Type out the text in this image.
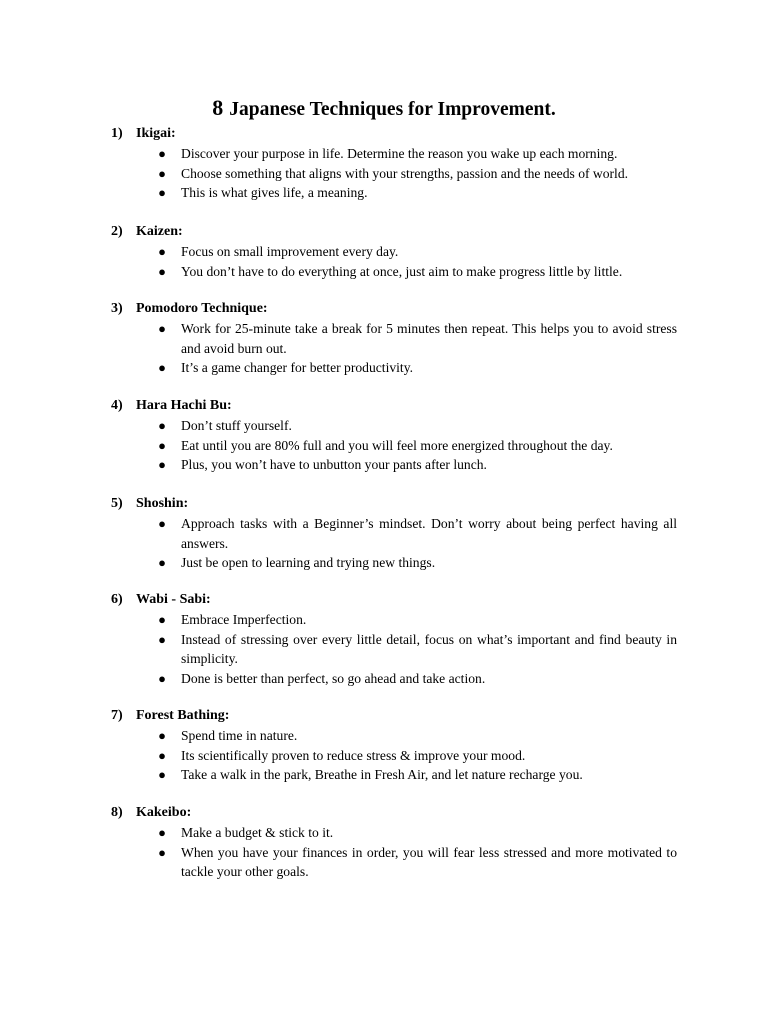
8 Japanese Techniques for Improvement.
1) Ikigai:
● Discover your purpose in life. Determine the reason you wake up each morning.
● Choose something that aligns with your strengths, passion and the needs of world.
● This is what gives life, a meaning.
2) Kaizen:
● Focus on small improvement every day.
● You don’t have to do everything at once, just aim to make progress little by little.
3) Pomodoro Technique:
● Work for 25-minute take a break for 5 minutes then repeat. This helps you to avoid stress and avoid burn out.
● It’s a game changer for better productivity.
4) Hara Hachi Bu:
● Don’t stuff yourself.
● Eat until you are 80% full and you will feel more energized throughout the day.
● Plus, you won’t have to unbutton your pants after lunch.
5) Shoshin:
● Approach tasks with a Beginner’s mindset. Don’t worry about being perfect having all answers.
● Just be open to learning and trying new things.
6) Wabi - Sabi:
● Embrace Imperfection.
● Instead of stressing over every little detail, focus on what’s important and find beauty in simplicity.
● Done is better than perfect, so go ahead and take action.
7) Forest Bathing:
● Spend time in nature.
● Its scientifically proven to reduce stress & improve your mood.
● Take a walk in the park, Breathe in Fresh Air, and let nature recharge you.
8) Kakeibo:
● Make a budget & stick to it.
● When you have your finances in order, you will fear less stressed and more motivated to tackle your other goals.
